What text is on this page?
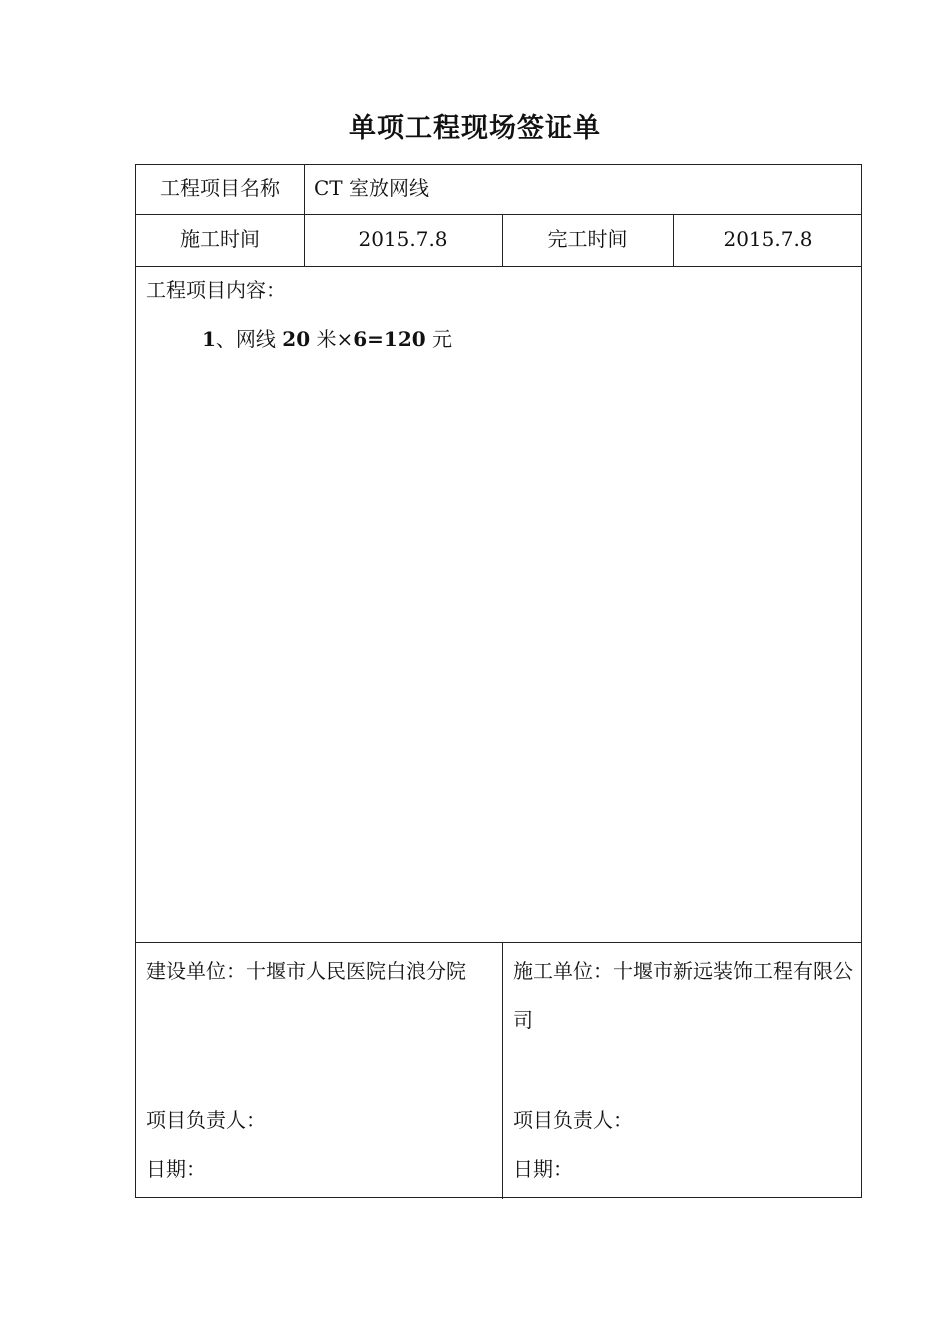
单项工程现场签证单
工程项目名称	CT 室放网线
施工时间	2015.7.8	完工时间	2015.7.8
工程项目内容：
1、网线 20 米×6=120 元
建设单位：十堰市人民医院白浪分院
项目负责人：
日期：
施工单位：十堰市新远装饰工程有限公司
项目负责人：
日期：
